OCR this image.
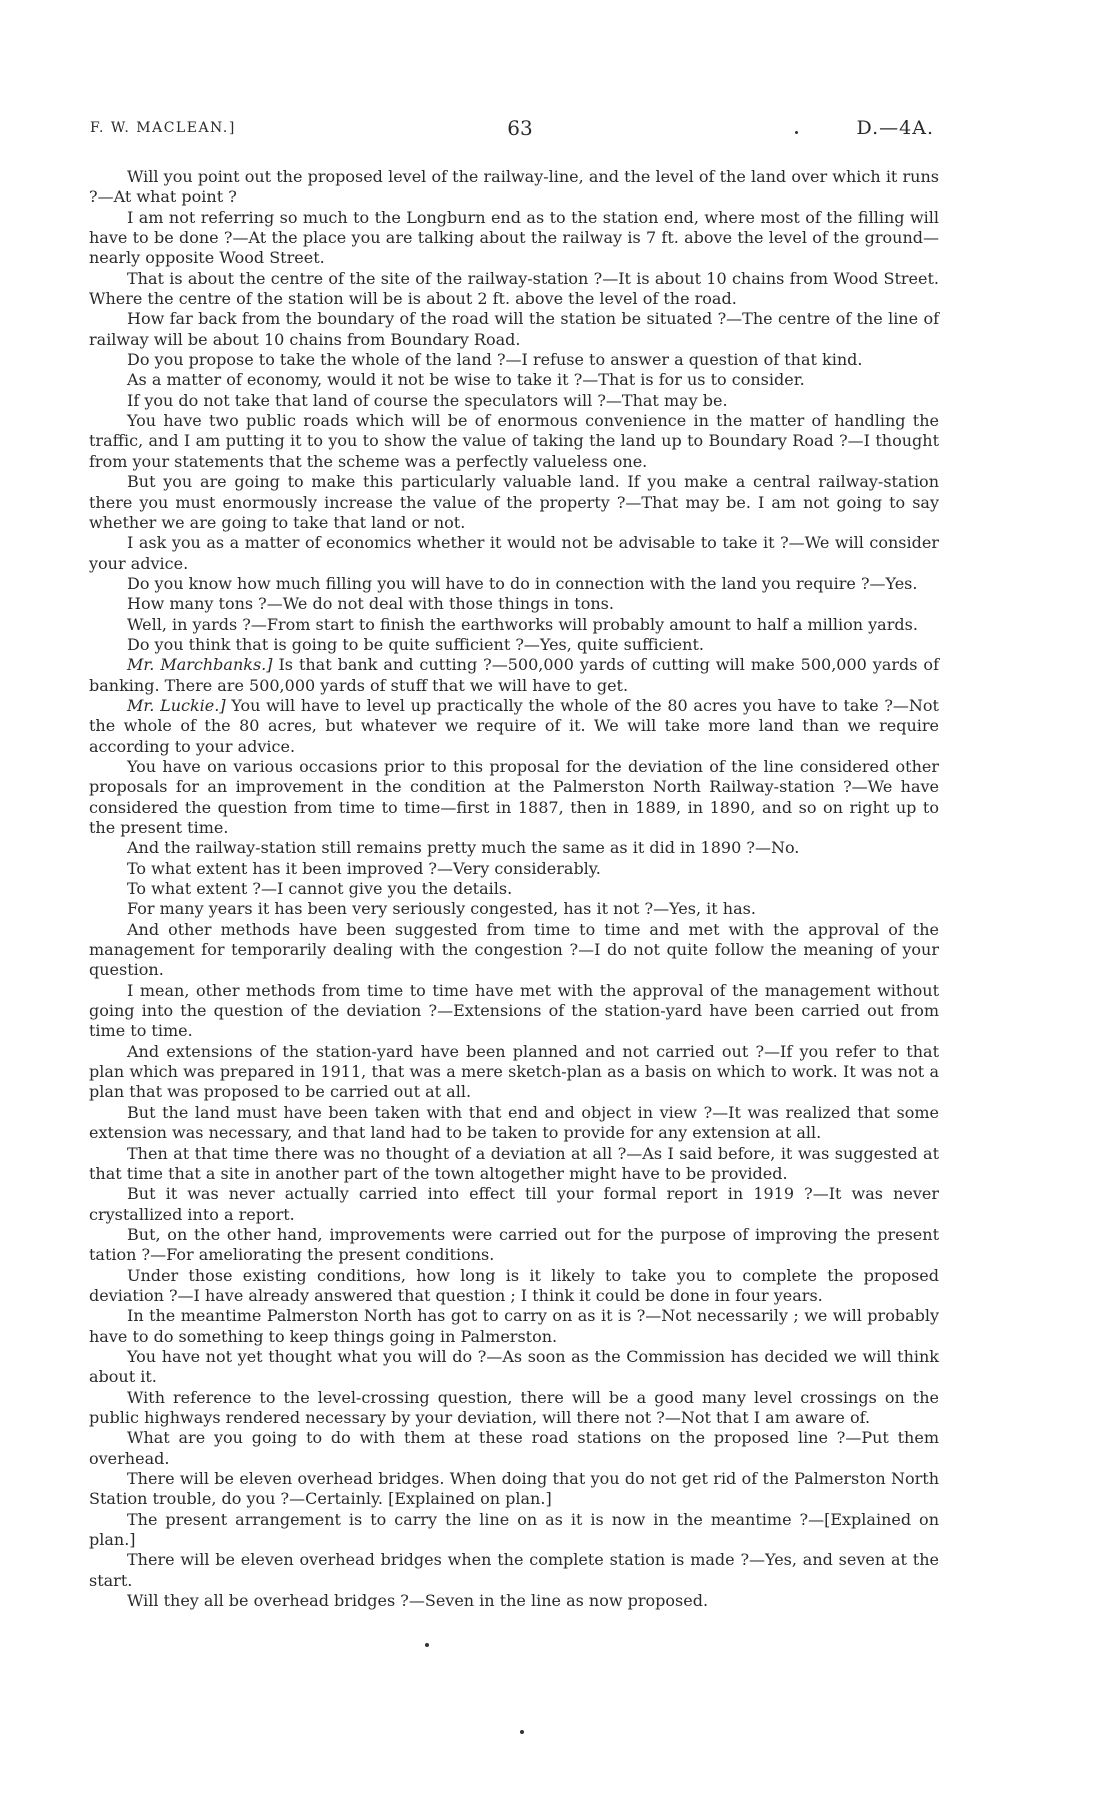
F. W. MACLEAN.]	63	D.—4A.

Will you point out the proposed level of the railway-line, and the level of the land over which it runs ?—At what point ?

I am not referring so much to the Longburn end as to the station end, where most of the filling will have to be done ?—At the place you are talking about the railway is 7 ft. above the level of the ground—nearly opposite Wood Street.

That is about the centre of the site of the railway-station ?—It is about 10 chains from Wood Street. Where the centre of the station will be is about 2 ft. above the level of the road.

How far back from the boundary of the road will the station be situated ?—The centre of the line of railway will be about 10 chains from Boundary Road.

Do you propose to take the whole of the land ?—I refuse to answer a question of that kind.

As a matter of economy, would it not be wise to take it ?—That is for us to consider.

If you do not take that land of course the speculators will ?—That may be.

You have two public roads which will be of enormous convenience in the matter of handling the traffic, and I am putting it to you to show the value of taking the land up to Boundary Road ?—I thought from your statements that the scheme was a perfectly valueless one.

But you are going to make this particularly valuable land. If you make a central railway-station there you must enormously increase the value of the property ?—That may be. I am not going to say whether we are going to take that land or not.

I ask you as a matter of economics whether it would not be advisable to take it ?—We will consider your advice.

Do you know how much filling you will have to do in connection with the land you require ?—Yes.

How many tons ?—We do not deal with those things in tons.

Well, in yards ?—From start to finish the earthworks will probably amount to half a million yards.

Do you think that is going to be quite sufficient ?—Yes, quite sufficient.

Mr. Marchbanks.] Is that bank and cutting ?—500,000 yards of cutting will make 500,000 yards of banking. There are 500,000 yards of stuff that we will have to get.

Mr. Luckie.] You will have to level up practically the whole of the 80 acres you have to take ?—Not the whole of the 80 acres, but whatever we require of it. We will take more land than we require according to your advice.

You have on various occasions prior to this proposal for the deviation of the line considered other proposals for an improvement in the condition at the Palmerston North Railway-station ?—We have considered the question from time to time—first in 1887, then in 1889, in 1890, and so on right up to the present time.

And the railway-station still remains pretty much the same as it did in 1890 ?—No.

To what extent has it been improved ?—Very considerably.

To what extent ?—I cannot give you the details.

For many years it has been very seriously congested, has it not ?—Yes, it has.

And other methods have been suggested from time to time and met with the approval of the management for temporarily dealing with the congestion ?—I do not quite follow the meaning of your question.

I mean, other methods from time to time have met with the approval of the management without going into the question of the deviation ?—Extensions of the station-yard have been carried out from time to time.

And extensions of the station-yard have been planned and not carried out ?—If you refer to that plan which was prepared in 1911, that was a mere sketch-plan as a basis on which to work. It was not a plan that was proposed to be carried out at all.

But the land must have been taken with that end and object in view ?—It was realized that some extension was necessary, and that land had to be taken to provide for any extension at all.

Then at that time there was no thought of a deviation at all ?—As I said before, it was suggested at that time that a site in another part of the town altogether might have to be provided.

But it was never actually carried into effect till your formal report in 1919 ?—It was never crystallized into a report.

But, on the other hand, improvements were carried out for the purpose of improving the present tation ?—For ameliorating the present conditions.

Under those existing conditions, how long is it likely to take you to complete the proposed deviation ?—I have already answered that question ; I think it could be done in four years.

In the meantime Palmerston North has got to carry on as it is ?—Not necessarily ; we will probably have to do something to keep things going in Palmerston.

You have not yet thought what you will do ?—As soon as the Commission has decided we will think about it.

With reference to the level-crossing question, there will be a good many level crossings on the public highways rendered necessary by your deviation, will there not ?—Not that I am aware of.

What are you going to do with them at these road stations on the proposed line ?—Put them overhead.

There will be eleven overhead bridges. When doing that you do not get rid of the Palmerston North Station trouble, do you ?—Certainly. [Explained on plan.]

The present arrangement is to carry the line on as it is now in the meantime ?—[Explained on plan.]

There will be eleven overhead bridges when the complete station is made ?—Yes, and seven at the start.

Will they all be overhead bridges ?—Seven in the line as now proposed.
